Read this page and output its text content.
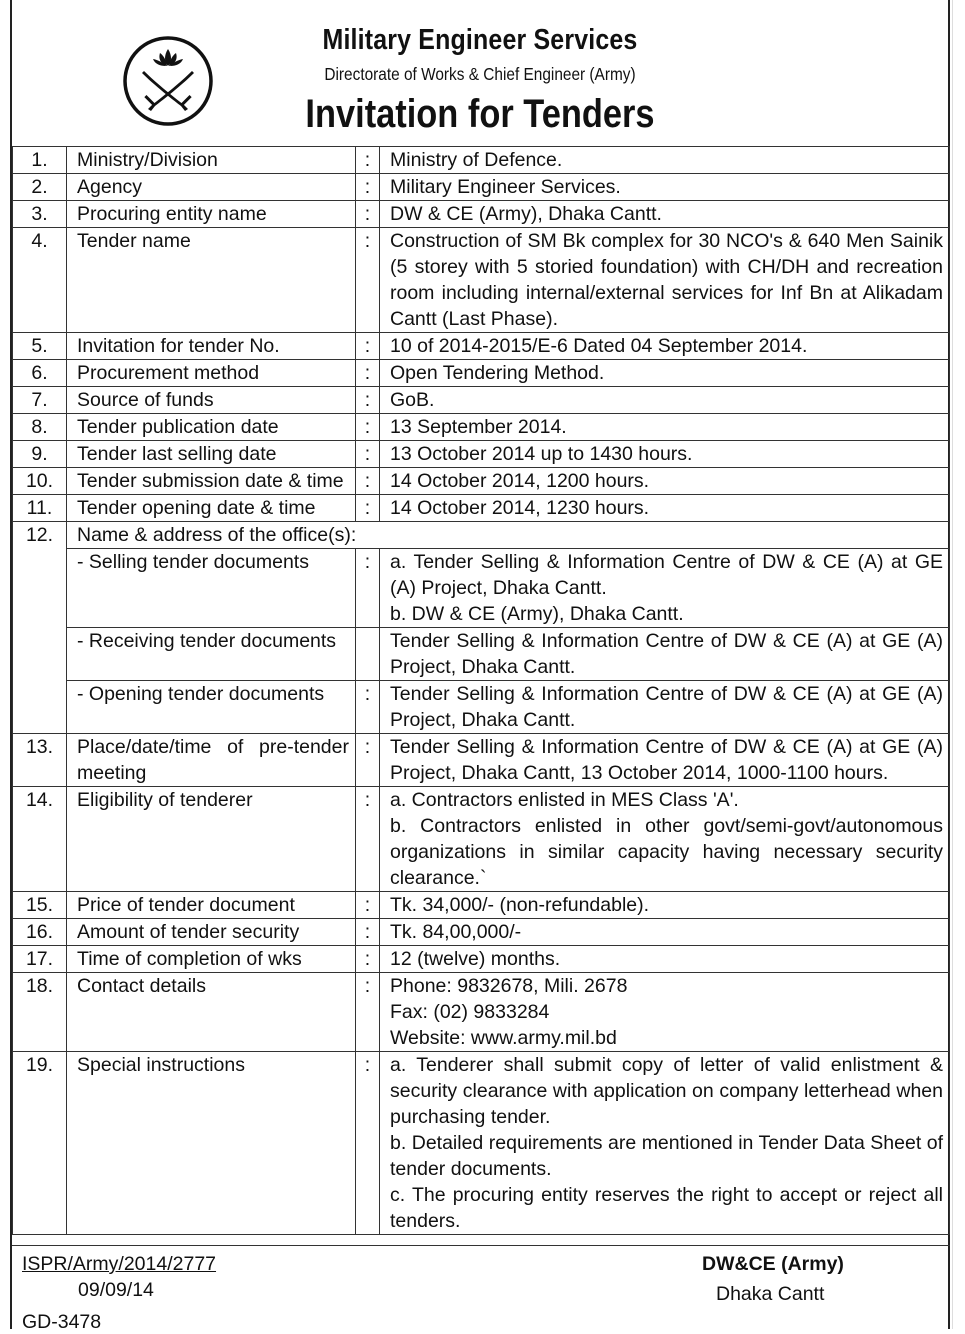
Military Engineer Services
Directorate of Works & Chief Engineer (Army)
Invitation for Tenders
1.	Ministry/Division	:	Ministry of Defence.

2.	Agency	:	Military Engineer Services.

3.	Procuring entity name	:	DW & CE (Army), Dhaka Cantt.

4.	Tender name	:	Construction of SM Bk complex for 30 NCO's & 640 Men Sainik (5 storey with 5 storied foundation) with CH/DH and recreation room including internal/external services for Inf Bn at Alikadam Cantt (Last Phase).

5.	Invitation for tender No.	:	10 of 2014-2015/E-6 Dated 04 September 2014.

6.	Procurement method	:	Open Tendering Method.

7.	Source of funds	:	GoB.

8.	Tender publication date	:	13 September 2014.

9.	Tender last selling date	:	13 October 2014 up to 1430 hours.

10.	Tender submission date & time	:	14 October 2014, 1200 hours.

11.	Tender opening date & time	:	14 October 2014, 1230 hours.

12.	Name & address of the office(s):		
	- Selling tender documents	:	a. Tender Selling & Information Centre of DW & CE (A) at GE (A) Project, Dhaka Cantt.
b. DW & CE (Army), Dhaka Cantt.

	- Receiving tender documents		Tender Selling & Information Centre of DW & CE (A) at GE (A) Project, Dhaka Cantt.

	- Opening tender documents	:	Tender Selling & Information Centre of DW & CE (A) at GE (A) Project, Dhaka Cantt.

13.	Place/date/time of pre-tender meeting	:	Tender Selling & Information Centre of DW & CE (A) at GE (A) Project, Dhaka Cantt, 13 October 2014, 1000-1100 hours.

14.	Eligibility of tenderer	:	a. Contractors enlisted in MES Class 'A'.
b. Contractors enlisted in other govt/semi-govt/autonomous organizations in similar capacity having necessary security clearance.`

15.	Price of tender document	:	Tk. 34,000/- (non-refundable).

16.	Amount of tender security	:	Tk. 84,00,000/-

17.	Time of completion of wks	:	12 (twelve) months.

18.	Contact details	:	Phone: 9832678, Mili. 2678
Fax: (02) 9833284
Website: www.army.mil.bd

19.	Special instructions	:	a. Tenderer shall submit copy of letter of valid enlistment & security clearance with application on company letterhead when purchasing tender.
b. Detailed requirements are mentioned in Tender Data Sheet of tender documents.
c. The procuring entity reserves the right to accept or reject all tenders.
ISPR/Army/2014/2777
09/09/14
GD-3478
DW&CE (Army)
Dhaka Cantt
